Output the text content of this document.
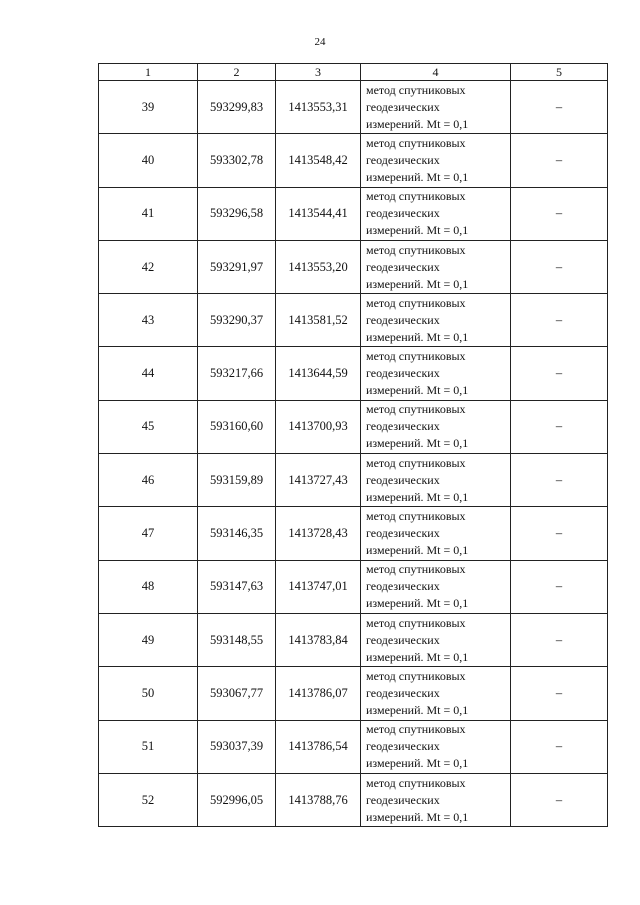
24
1	2	3	4	5
39	593299,83	1413553,31	метод спутниковых
геодезических
измерений. Mt = 0,1	–
40	593302,78	1413548,42	метод спутниковых
геодезических
измерений. Mt = 0,1	–
41	593296,58	1413544,41	метод спутниковых
геодезических
измерений. Mt = 0,1	–
42	593291,97	1413553,20	метод спутниковых
геодезических
измерений. Mt = 0,1	–
43	593290,37	1413581,52	метод спутниковых
геодезических
измерений. Mt = 0,1	–
44	593217,66	1413644,59	метод спутниковых
геодезических
измерений. Mt = 0,1	–
45	593160,60	1413700,93	метод спутниковых
геодезических
измерений. Mt = 0,1	–
46	593159,89	1413727,43	метод спутниковых
геодезических
измерений. Mt = 0,1	–
47	593146,35	1413728,43	метод спутниковых
геодезических
измерений. Mt = 0,1	–
48	593147,63	1413747,01	метод спутниковых
геодезических
измерений. Mt = 0,1	–
49	593148,55	1413783,84	метод спутниковых
геодезических
измерений. Mt = 0,1	–
50	593067,77	1413786,07	метод спутниковых
геодезических
измерений. Mt = 0,1	–
51	593037,39	1413786,54	метод спутниковых
геодезических
измерений. Mt = 0,1	–
52	592996,05	1413788,76	метод спутниковых
геодезических
измерений. Mt = 0,1	–
